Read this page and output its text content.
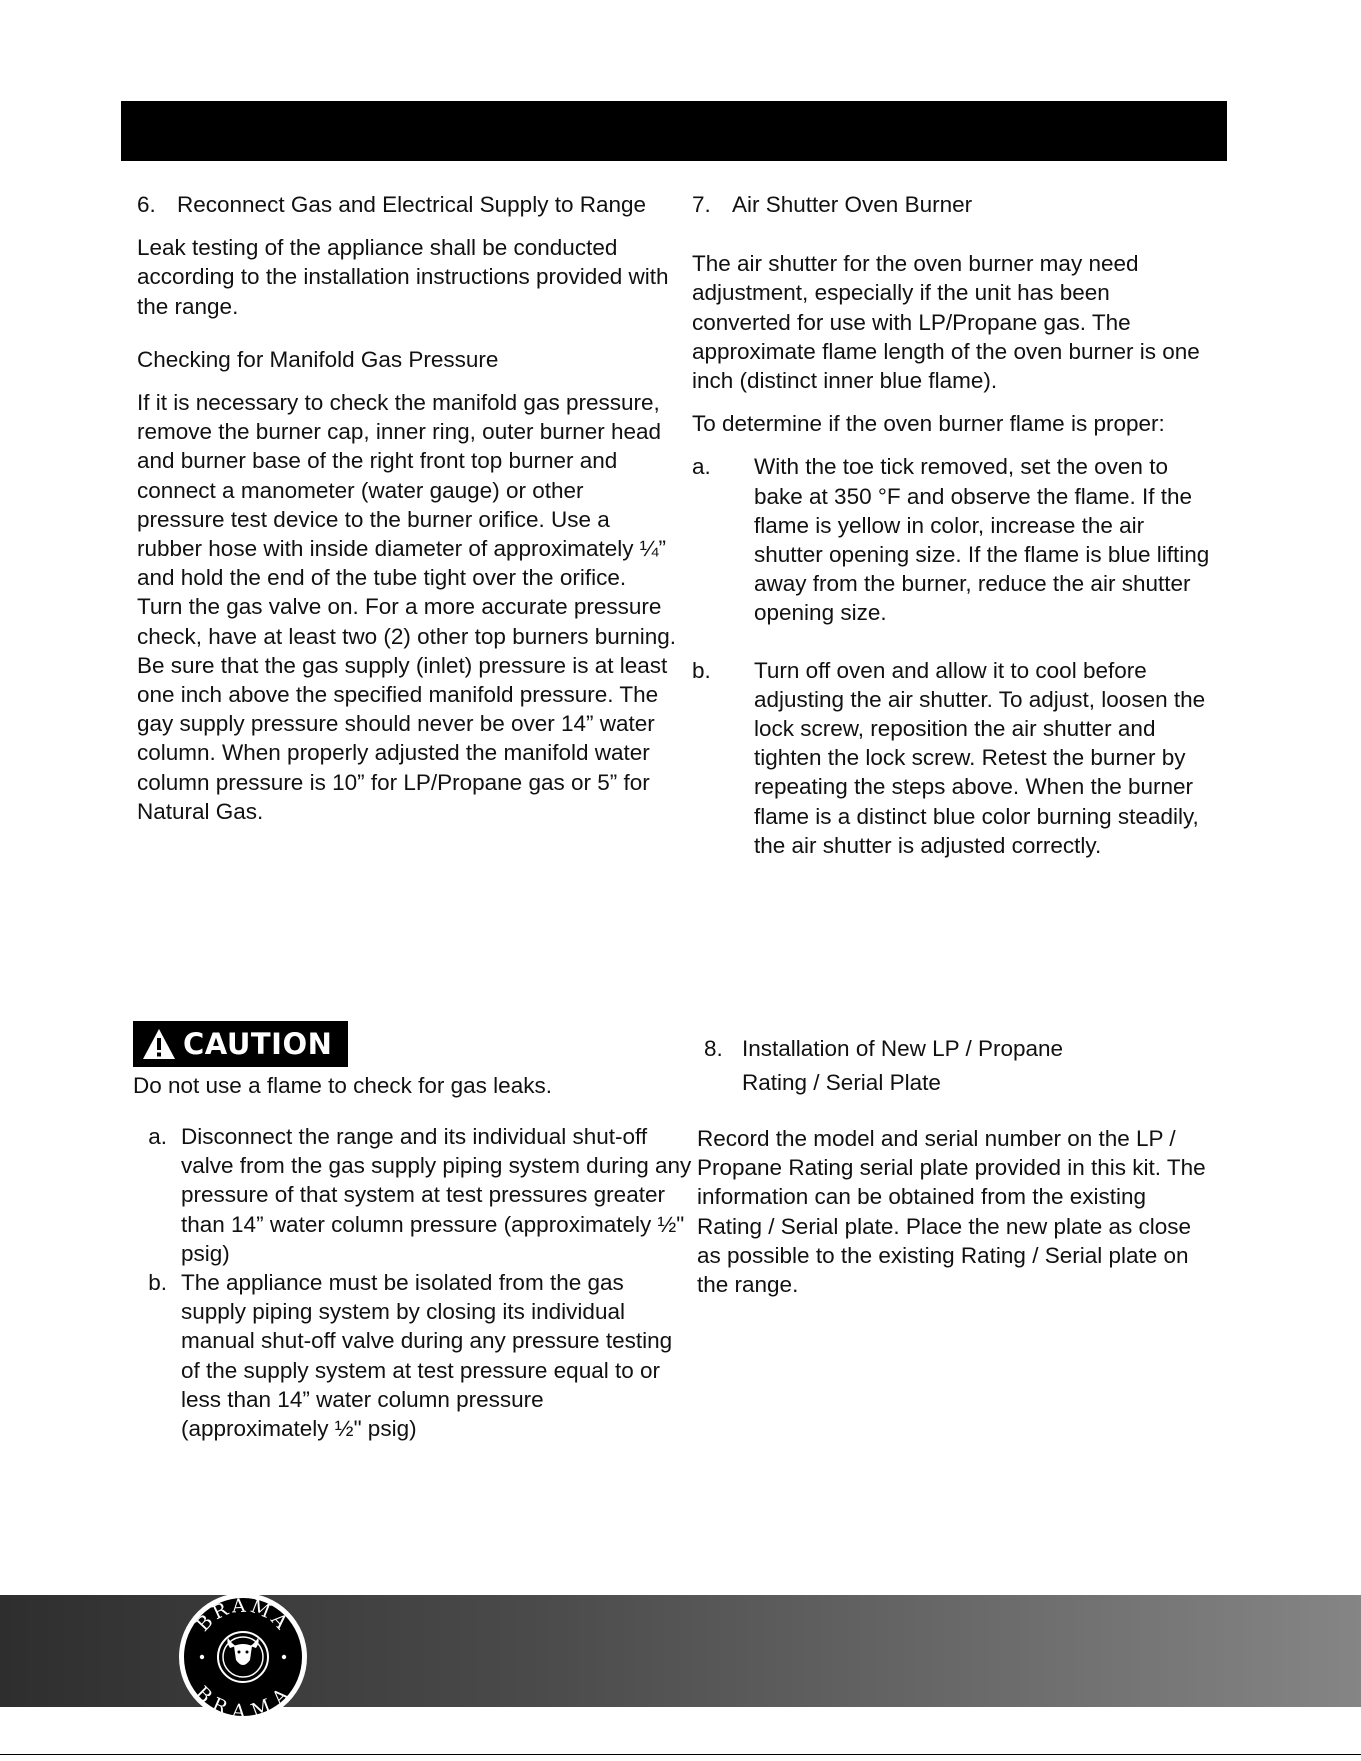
6. Reconnect Gas and Electrical Supply to Range

Leak testing of the appliance shall be conducted according to the installation instructions provided with the range.

Checking for Manifold Gas Pressure

If it is necessary to check the manifold gas pressure, remove the burner cap, inner ring, outer burner head and burner base of the right front top burner and connect a manometer (water gauge) or other pressure test device to the burner orifice. Use a rubber hose with inside diameter of approximately ¼” and hold the end of the tube tight over the orifice. Turn the gas valve on. For a more accurate pressure check, have at least two (2) other top burners burning. Be sure that the gas supply (inlet) pressure is at least one inch above the specified manifold pressure. The gay supply pressure should never be over 14” water column. When properly adjusted the manifold water column pressure is 10” for LP/Propane gas or 5” for Natural Gas.

CAUTION
Do not use a flame to check for gas leaks.
a. Disconnect the range and its individual shut-off valve from the gas supply piping system during any pressure of that system at test pressures greater than 14” water column pressure (approximately ½" psig)
b. The appliance must be isolated from the gas supply piping system by closing its individual manual shut-off valve during any pressure testing of the supply system at test pressure equal to or less than 14” water column pressure (approximately ½" psig)

7. Air Shutter Oven Burner

The air shutter for the oven burner may need adjustment, especially if the unit has been converted for use with LP/Propane gas. The approximate flame length of the oven burner is one inch (distinct inner blue flame).

To determine if the oven burner flame is proper:

a.	With the toe tick removed, set the oven to bake at 350 °F and observe the flame. If the flame is yellow in color, increase the air shutter opening size. If the flame is blue lifting away from the burner, reduce the air shutter opening size.
b.	Turn off oven and allow it to cool before adjusting the air shutter. To adjust, loosen the lock screw, reposition the air shutter and tighten the lock screw. Retest the burner by repeating the steps above. When the burner flame is a distinct blue color burning steadily, the air shutter is adjusted correctly.
8. Installation of New LP / Propane
Rating / Serial Plate

Record the model and serial number on the LP / Propane Rating serial plate provided in this kit. The information can be obtained from the existing Rating / Serial plate. Place the new plate as close as possible to the existing Rating / Serial plate on the range.

BRAMA
BRAMA
